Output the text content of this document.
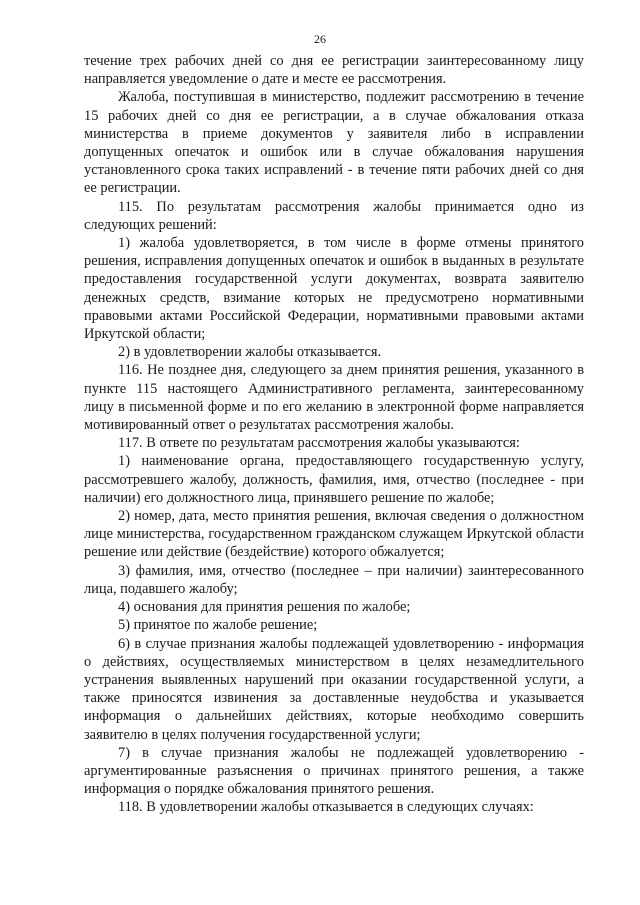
26

течение трех рабочих дней со дня ее регистрации заинтересованному лицу направляется уведомление о дате и месте ее рассмотрения.

Жалоба, поступившая в министерство, подлежит рассмотрению в течение 15 рабочих дней со дня ее регистрации, а в случае обжалования отказа министерства в приеме документов у заявителя либо в исправлении допущенных опечаток и ошибок или в случае обжалования нарушения установленного срока таких исправлений - в течение пяти рабочих дней со дня ее регистрации.

115. По результатам рассмотрения жалобы принимается одно из следующих решений:

1) жалоба удовлетворяется, в том числе в форме отмены принятого решения, исправления допущенных опечаток и ошибок в выданных в результате предоставления государственной услуги документах, возврата заявителю денежных средств, взимание которых не предусмотрено нормативными правовыми актами Российской Федерации, нормативными правовыми актами Иркутской области;

2) в удовлетворении жалобы отказывается.

116. Не позднее дня, следующего за днем принятия решения, указанного в пункте 115 настоящего Административного регламента, заинтересованному лицу в письменной форме и по его желанию в электронной форме направляется мотивированный ответ о результатах рассмотрения жалобы.

117. В ответе по результатам рассмотрения жалобы указываются:

1) наименование органа, предоставляющего государственную услугу, рассмотревшего жалобу, должность, фамилия, имя, отчество (последнее - при наличии) его должностного лица, принявшего решение по жалобе;

2) номер, дата, место принятия решения, включая сведения о должностном лице министерства, государственном гражданском служащем Иркутской области решение или действие (бездействие) которого обжалуется;

3) фамилия, имя, отчество (последнее – при наличии) заинтересованного лица, подавшего жалобу;

4) основания для принятия решения по жалобе;

5) принятое по жалобе решение;

6) в случае признания жалобы подлежащей удовлетворению - информация о действиях, осуществляемых министерством в целях незамедлительного устранения выявленных нарушений при оказании государственной услуги, а также приносятся извинения за доставленные неудобства и указывается информация о дальнейших действиях, которые необходимо совершить заявителю в целях получения государственной услуги;

7) в случае признания жалобы не подлежащей удовлетворению - аргументированные разъяснения о причинах принятого решения, а также информация о порядке обжалования принятого решения.

118. В удовлетворении жалобы отказывается в следующих случаях:
